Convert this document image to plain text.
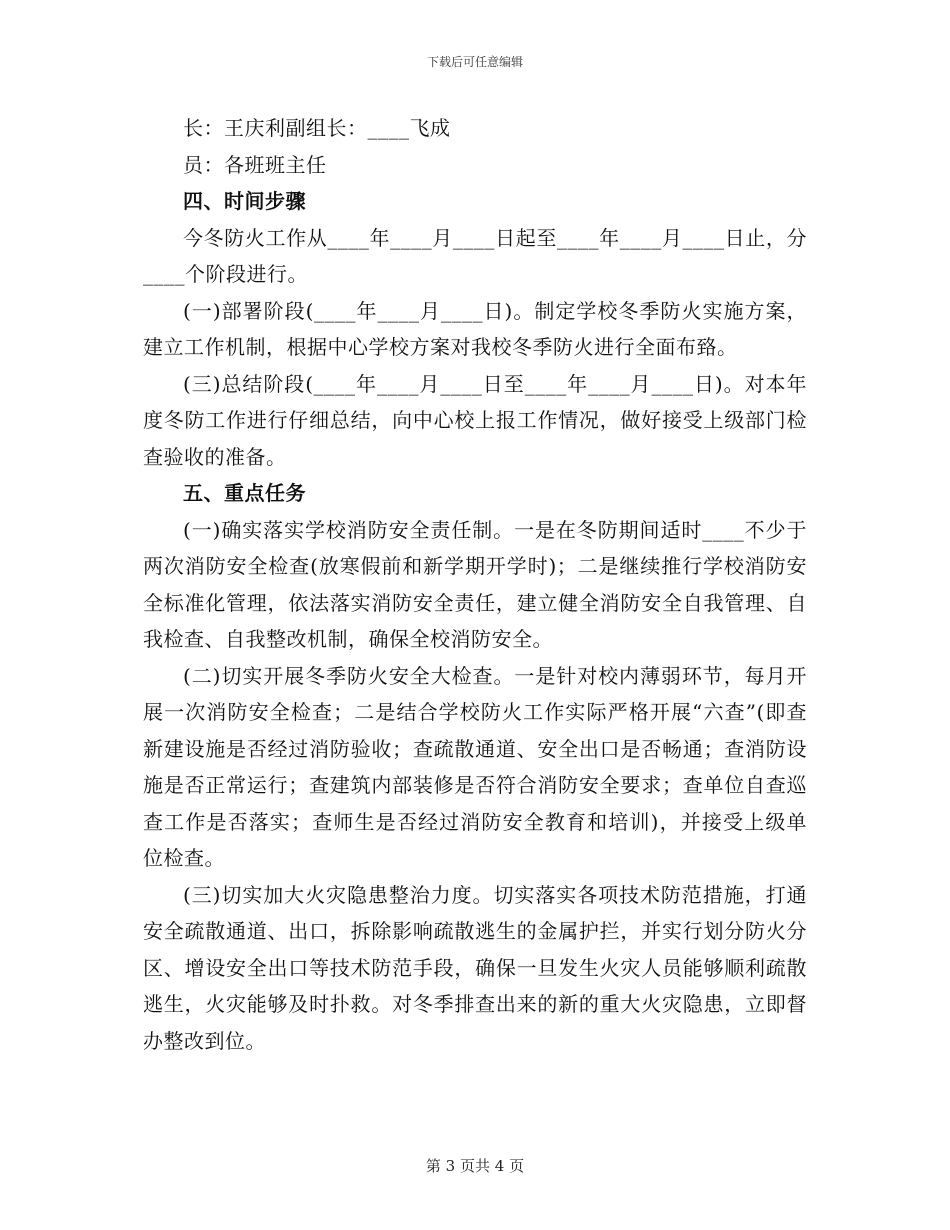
下载后可任意编辑

长：王庆利副组长：____飞成

员：各班班主任

四、时间步骤

今冬防火工作从____年____月____日起至____年____月____日止，分____个阶段进行。

(一)部署阶段(____年____月____日)。制定学校冬季防火实施方案，建立工作机制，根据中心学校方案对我校冬季防火进行全面布臵。

(三)总结阶段(____年____月____日至____年____月____日)。对本年度冬防工作进行仔细总结，向中心校上报工作情况，做好接受上级部门检查验收的准备。

五、重点任务

(一)确实落实学校消防安全责任制。一是在冬防期间适时____不少于两次消防安全检查(放寒假前和新学期开学时)；二是继续推行学校消防安全标准化管理，依法落实消防安全责任，建立健全消防安全自我管理、自我检查、自我整改机制，确保全校消防安全。

(二)切实开展冬季防火安全大检查。一是针对校内薄弱环节，每月开展一次消防安全检查；二是结合学校防火工作实际严格开展“六查”(即查新建设施是否经过消防验收；查疏散通道、安全出口是否畅通；查消防设施是否正常运行；查建筑内部装修是否符合消防安全要求；查单位自查巡查工作是否落实；查师生是否经过消防安全教育和培训)，并接受上级单位检查。

(三)切实加大火灾隐患整治力度。切实落实各项技术防范措施，打通安全疏散通道、出口，拆除影响疏散逃生的金属护拦，并实行划分防火分区、增设安全出口等技术防范手段，确保一旦发生火灾人员能够顺利疏散逃生，火灾能够及时扑救。对冬季排查出来的新的重大火灾隐患，立即督办整改到位。

第 3 页共 4 页
